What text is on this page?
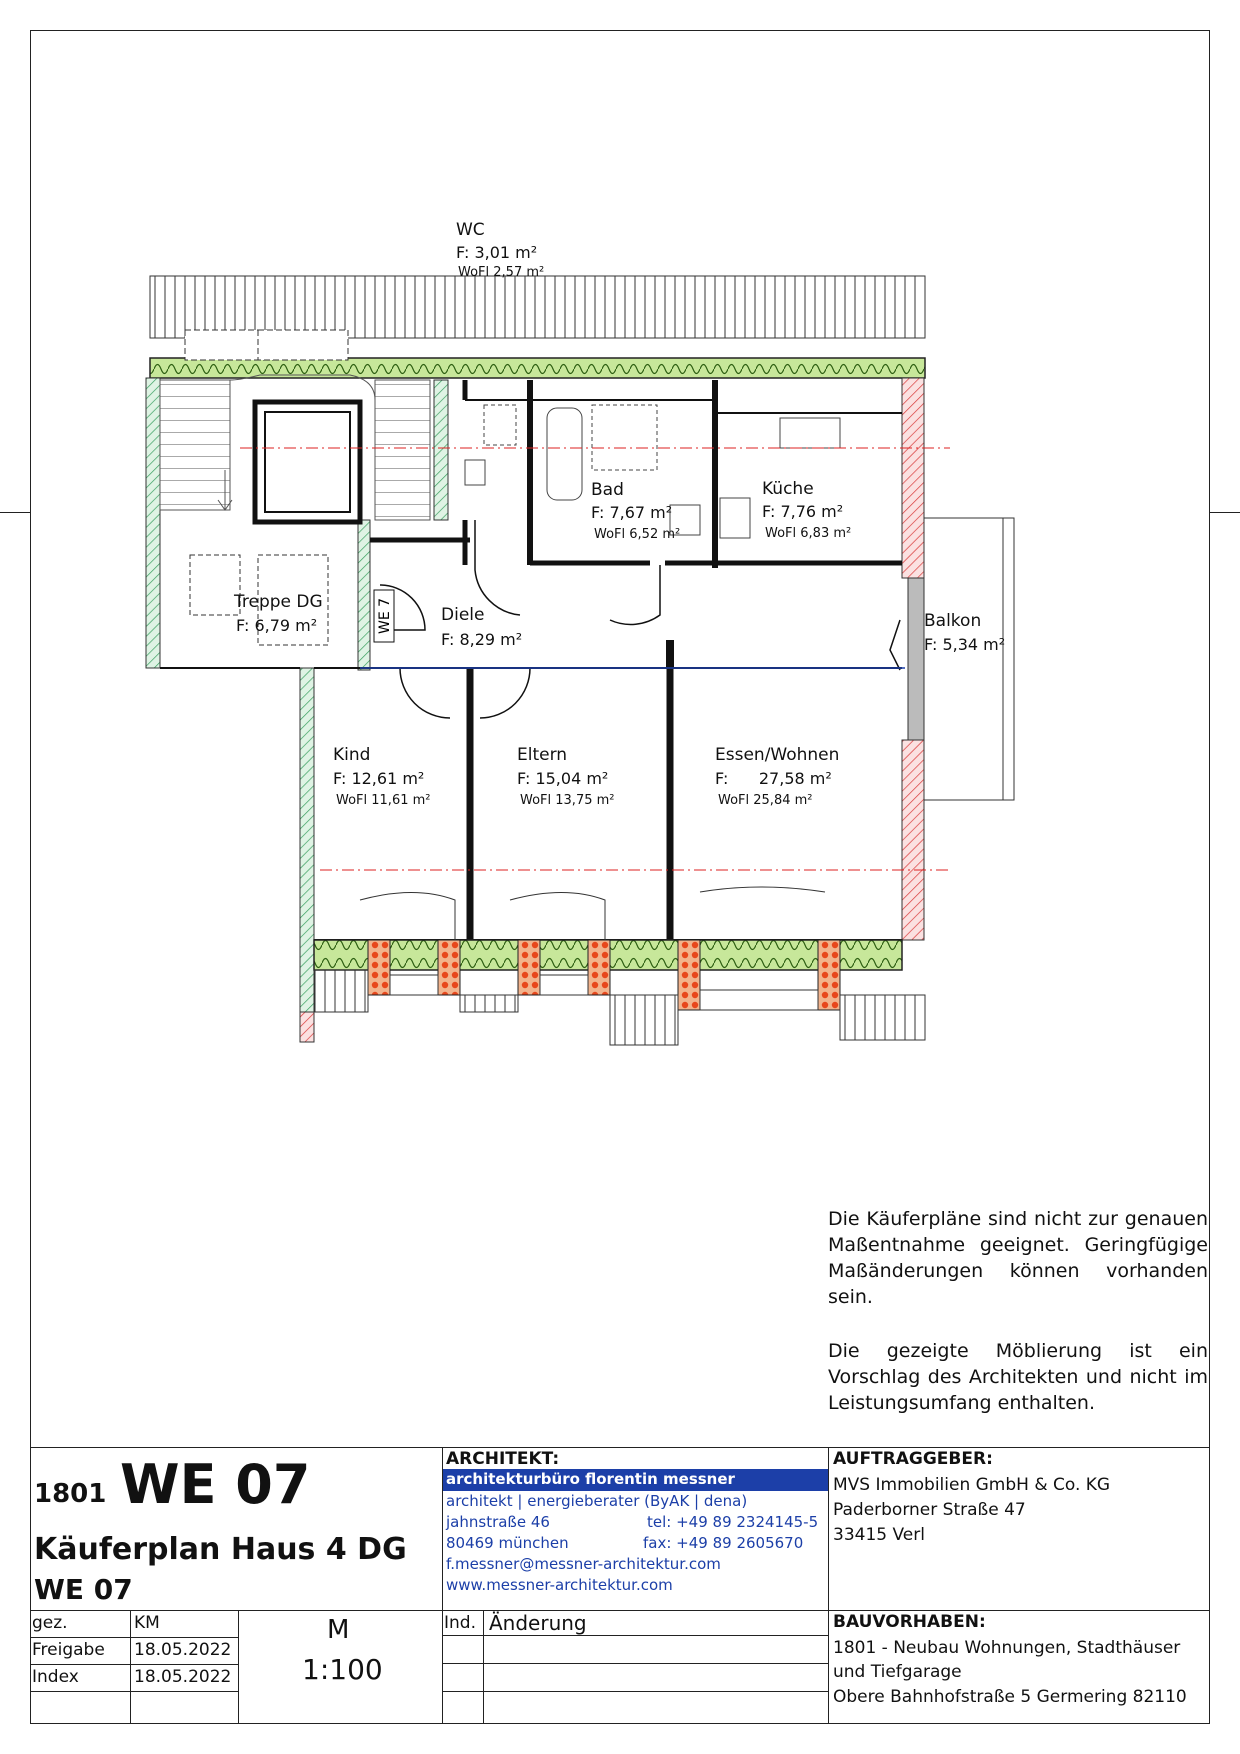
WE 7
WC
F: 3,01 m²
WoFl 2,57 m²
Bad
F: 7,67 m²
WoFl 6,52 m²
Küche
F: 7,76 m²
WoFl 6,83 m²
Treppe DG
F: 6,79 m²
Diele
F: 8,29 m²
Balkon
F: 5,34 m²
Kind
F: 12,61 m²
WoFl 11,61 m²
Eltern
F: 15,04 m²
WoFl 13,75 m²
Essen/Wohnen
F:      27,58 m²
WoFl 25,84 m²
Die Käuferpläne sind nicht zur genauen Maßentnahme geeignet. Geringfügige Maßänderungen können vorhanden sein.
Die gezeigte Möblierung ist ein Vorschlag des Architekten und nicht im Leistungsumfang enthalten.
1801 WE 07
Käuferplan Haus 4 DG
WE 07
ARCHITEKT:
architekturbüro florentin messner
architekt | energieberater (ByAK | dena)
jahnstraße 46	tel: +49 89 2324145-5
80469 münchen	fax: +49 89 2605670
f.messner@messner-architektur.com
www.messner-architektur.com
AUFTRAGGEBER:
MVS Immobilien GmbH & Co. KG
Paderborner Straße 47
33415 Verl
gez.	KM
Freigabe 18.05.2022
Index	18.05.2022
M
1:100
Ind. Änderung	BAUVORHABEN:
1801 - Neubau Wohnungen, Stadthäuser
und Tiefgarage
Obere Bahnhofstraße 5 Germering 82110
